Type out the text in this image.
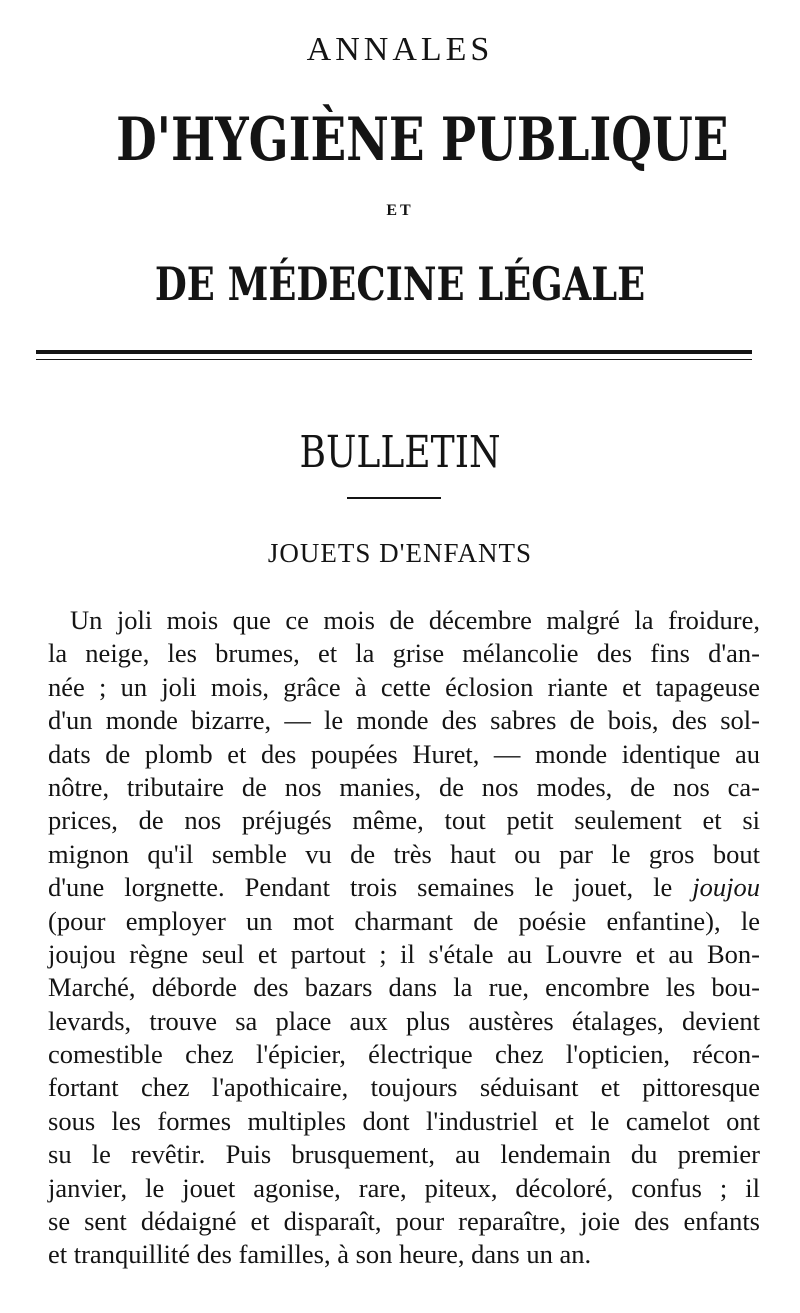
ANNALES
D'HYGIÈNE PUBLIQUE
ET
DE MÉDECINE LÉGALE
BULLETIN
JOUETS D'ENFANTS
Un joli mois que ce mois de décembre malgré la froidure,
la neige, les brumes, et la grise mélancolie des fins d'an-
née ; un joli mois, grâce à cette éclosion riante et tapageuse
d'un monde bizarre, — le monde des sabres de bois, des sol-
dats de plomb et des poupées Huret, — monde identique au
nôtre, tributaire de nos manies, de nos modes, de nos ca-
prices, de nos préjugés même, tout petit seulement et si
mignon qu'il semble vu de très haut ou par le gros bout
d'une lorgnette. Pendant trois semaines le jouet, le joujou
(pour employer un mot charmant de poésie enfantine), le
joujou règne seul et partout ; il s'étale au Louvre et au Bon-
Marché, déborde des bazars dans la rue, encombre les bou-
levards, trouve sa place aux plus austères étalages, devient
comestible chez l'épicier, électrique chez l'opticien, récon-
fortant chez l'apothicaire, toujours séduisant et pittoresque
sous les formes multiples dont l'industriel et le camelot ont
su le revêtir. Puis brusquement, au lendemain du premier
janvier, le jouet agonise, rare, piteux, décoloré, confus ; il
se sent dédaigné et disparaît, pour reparaître, joie des enfants
et tranquillité des familles, à son heure, dans un an.
